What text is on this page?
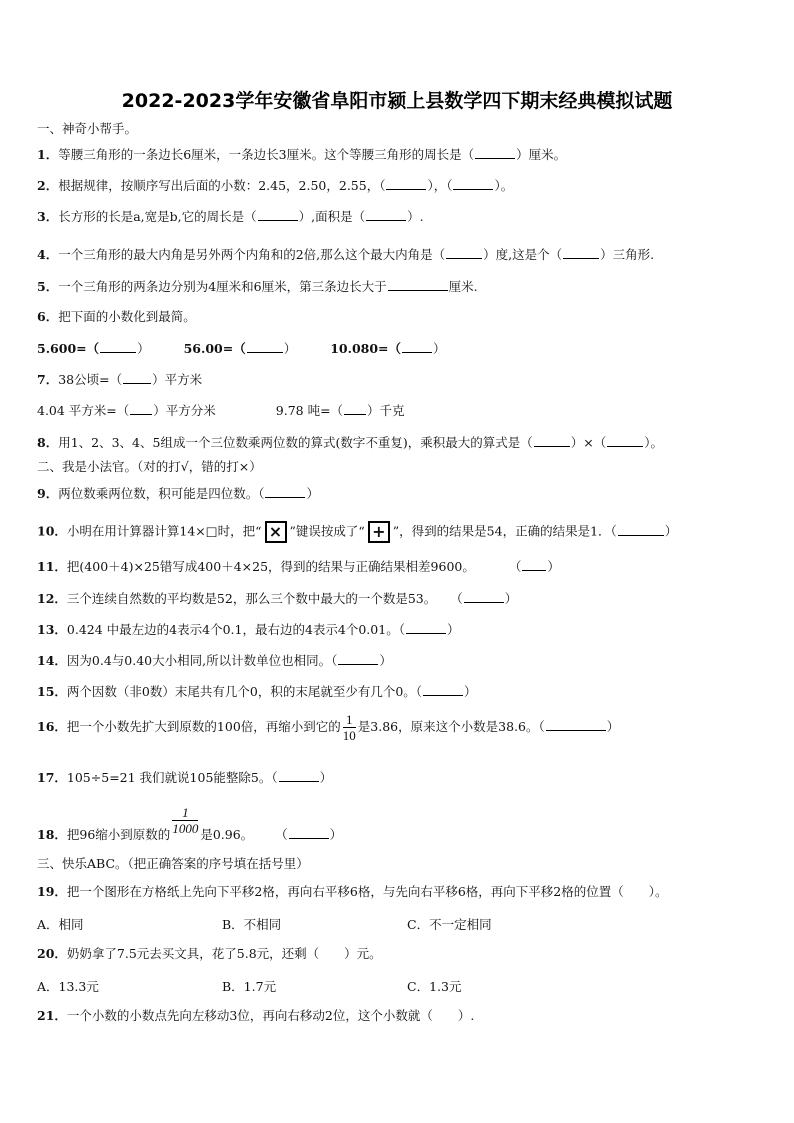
2022-2023学年安徽省阜阳市颍上县数学四下期末经典模拟试题
一、神奇小帮手。
1．等腰三角形的一条边长6厘米，一条边长3厘米。这个等腰三角形的周长是（	）厘米。
2．根据规律，按顺序写出后面的小数：2.45，2.50，2.55，（	），（	）。
3．长方形的长是a,宽是b,它的周长是（	）,面积是（	）.
4．一个三角形的最大内角是另外两个内角和的2倍,那么这个最大内角是（	）度,这是个（	）三角形.
5．一个三角形的两条边分别为4厘米和6厘米，第三条边长大于	厘米.
6．把下面的小数化到最简。
5.600=（	）	56.00=（	）	10.080=（	）
7．38公顷=（ ）平方米
4.04 平方米=（ ）平方分米	9.78 吨=（ ）千克
8．用1、2、3、4、5组成一个三位数乘两位数的算式(数字不重复)，乘积最大的算式是（	）×（	）。
二、我是小法官。（对的打√，错的打×）
9．两位数乘两位数，积可能是四位数。（	）
10．小明在用计算器计算14×□时，把“ × ”键误按成了“ + ”，得到的结果是54，正确的结果是1．（	）
11．把(400＋4)×25错写成400＋4×25，得到的结果与正确结果相差9600。	（ ）
12．三个连续自然数的平均数是52，那么三个数中最大的一个数是53。 （	）
13．0.424 中最左边的4表示4个0.1，最右边的4表示4个0.01。（	）
14．因为0.4与0.40大小相同,所以计数单位也相同。（	）
15．两个因数（非0数）末尾共有几个0，积的末尾就至少有几个0。（	）
16．把一个小数先扩大到原数的100倍，再缩小到它的 $\frac{1}{10}$ 是3.86，原来这个小数是38.6。（	）
17．105÷5=21 我们就说105能整除5。（	）
18．把96缩小到原数的 $\frac{1}{1000}$ 是0.96。 （	）
三、快乐ABC。（把正确答案的序号填在括号里）
19．把一个图形在方格纸上先向下平移2格，再向右平移6格，与先向右平移6格，再向下平移2格的位置（　　）。
A．相同	B．不相同	C．不一定相同
20．奶奶拿了7.5元去买文具，花了5.8元，还剩（　　）元。
A．13.3元	B．1.7元	C．1.3元
21．一个小数的小数点先向左移动3位，再向右移动2位，这个小数就（　　）.
